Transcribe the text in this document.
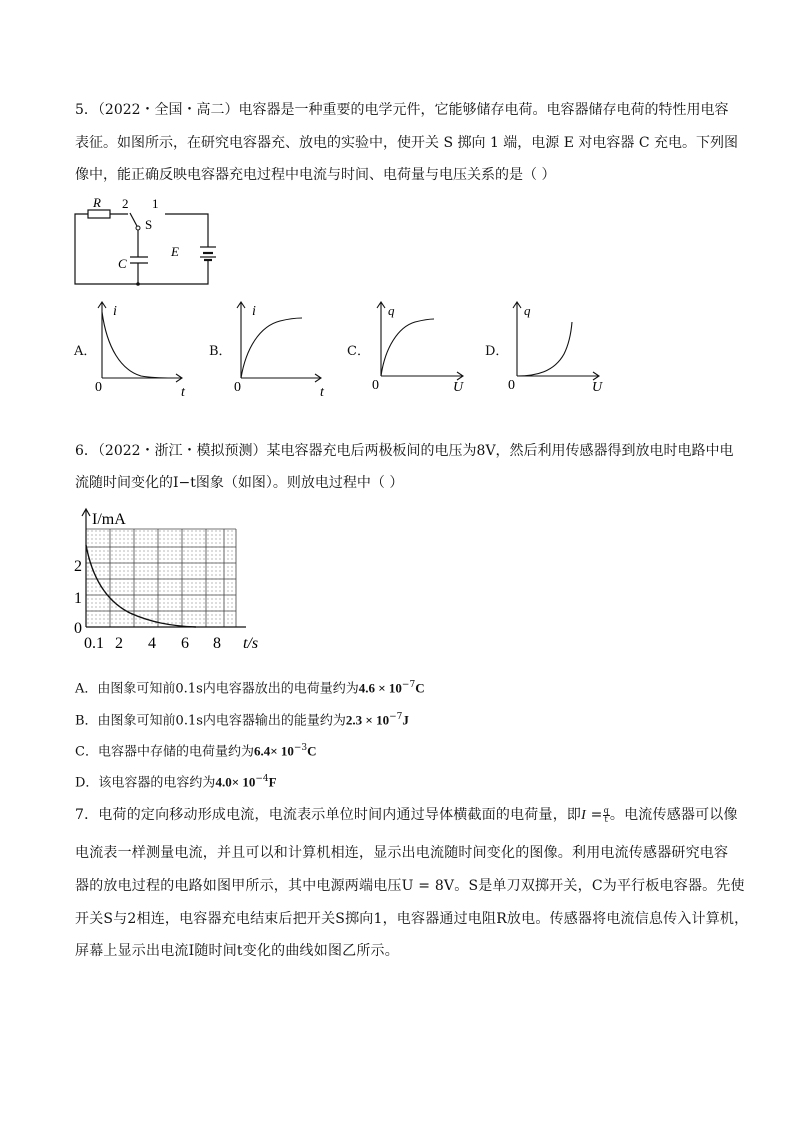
5．（2022・全国・高二）电容器是一种重要的电学元件，它能够储存电荷。电容器储存电荷的特性用电容
表征。如图所示，在研究电容器充、放电的实验中，使开关 S 掷向 1 端，电源 E 对电容器 C 充电。下列图
像中，能正确反映电容器充电过程中电流与时间、电荷量与电压关系的是（ ）
R 2 1
S
C
E
A．
i
0	t
B．
i
0	t
C．
q
0	U
D．
q
0	U
6．（2022・浙江・模拟预测）某电容器充电后两极板间的电压为8V，然后利用传感器得到放电时电路中电
流随时间变化的I−t图象（如图）。则放电过程中（ ）
I/mA
2
1
0
0.1 2 4 6 8 t/s
A．由图象可知前0.1s内电容器放出的电荷量约为$4.6 \times 10^{-7}C$
B．由图象可知前0.1s内电容器输出的能量约为$2.3 \times 10^{-7}J$
C．电容器中存储的电荷量约为$6.4\times 10^{-3}C$
D．该电容器的电容约为$4.0\times 10^{-4}F$
7．电荷的定向移动形成电流，电流表示单位时间内通过导体横截面的电荷量，即$I = \frac{q}{t}$ 。电流传感器可以像
电流表一样测量电流，并且可以和计算机相连，显示出电流随时间变化的图像。利用电流传感器研究电容
器的放电过程的电路如图甲所示，其中电源两端电压U = 8V。S是单刀双掷开关，C为平行板电容器。先使
开关S与2相连，电容器充电结束后把开关S掷向1，电容器通过电阻R放电。传感器将电流信息传入计算机，
屏幕上显示出电流I随时间t变化的曲线如图乙所示。
